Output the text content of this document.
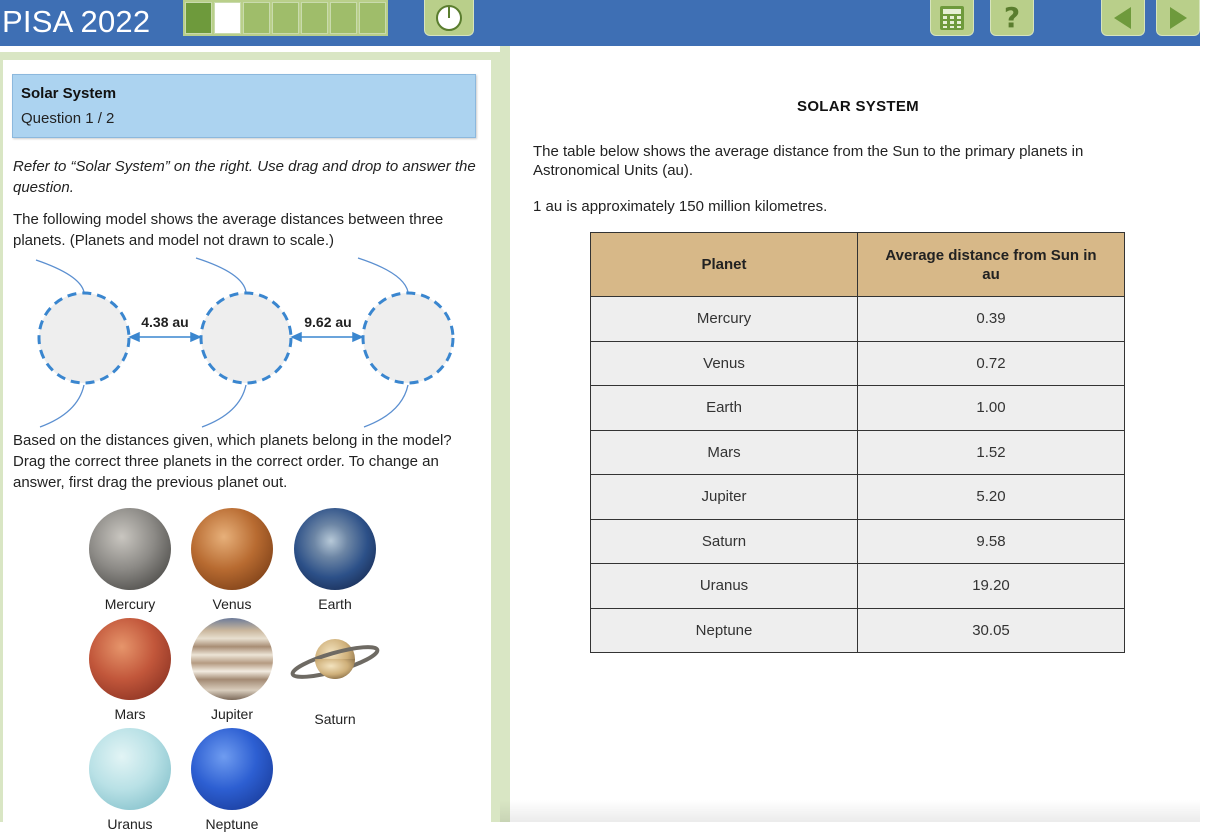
PISA 2022	?
Solar System
Question 1 / 2
Refer to “Solar System” on the right. Use drag and drop to answer the question.
The following model shows the average distances between three planets. (Planets and model not drawn to scale.)
4.38 au	9.62 au
Based on the distances given, which planets belong in the model? Drag the correct three planets in the correct order. To change an answer, first drag the previous planet out.
Mercury	Venus	Earth
Mars	Jupiter	Saturn
Uranus	Neptune
SOLAR SYSTEM
The table below shows the average distance from the Sun to the primary planets in Astronomical Units (au).
1 au is approximately 150 million kilometres.
Planet	Average distance from Sun in au
Mercury	0.39
Venus	0.72
Earth	1.00
Mars	1.52
Jupiter	5.20
Saturn	9.58
Uranus	19.20
Neptune	30.05
